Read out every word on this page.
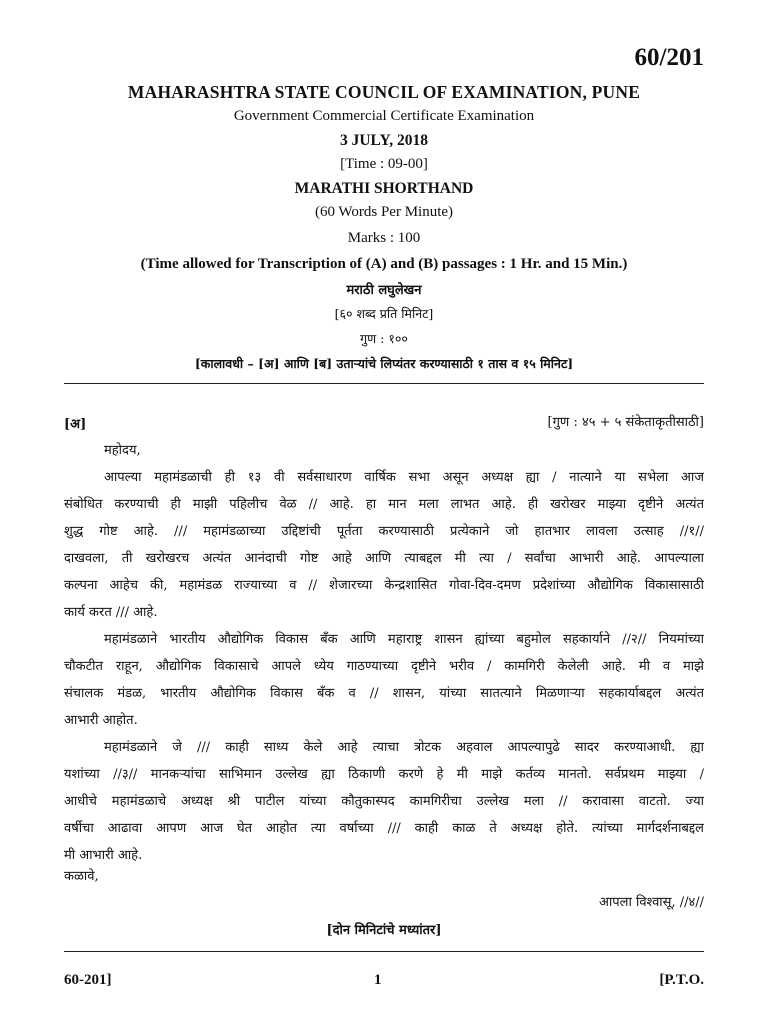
60/201
MAHARASHTRA STATE COUNCIL OF EXAMINATION, PUNE
Government Commercial Certificate Examination
3 JULY, 2018
[Time : 09-00]
MARATHI SHORTHAND
(60 Words Per Minute)
Marks : 100
(Time allowed for Transcription of (A) and (B) passages : 1 Hr. and 15 Min.)
मराठी लघुलेखन
[६० शब्द प्रति मिनिट]
गुण : १००
[कालावधी – [अ] आणि [ब] उताऱ्यांचे लिप्यंतर करण्यासाठी १ तास व १५ मिनिट]
[अ]	[गुण : ४५ + ५ संकेताकृतीसाठी]
महोदय,
आपल्या महामंडळाची ही १३ वी सर्वसाधारण वार्षिक सभा असून अध्यक्ष ह्या / नात्याने या सभेला आज
संबोधित करण्याची ही माझी पहिलीच वेळ // आहे. हा मान मला लाभत आहे. ही खरोखर माझ्या दृष्टीने अत्यंत
शुद्ध गोष्ट आहे. /// महामंडळाच्या उद्दिष्टांची पूर्तता करण्यासाठी प्रत्येकाने जो हातभार लावला उत्साह //१//
दाखवला, ती खरोखरच अत्यंत आनंदाची गोष्ट आहे आणि त्याबद्दल मी त्या / सर्वांचा आभारी आहे. आपल्याला
कल्पना आहेच की, महामंडळ राज्याच्या व // शेजारच्या केन्द्रशासित गोवा-दिव-दमण प्रदेशांच्या औद्योगिक विकासासाठी
कार्य करत /// आहे.
महामंडळाने भारतीय औद्योगिक विकास बँक आणि महाराष्ट्र शासन ह्यांच्या बहुमोल सहकार्याने //२// नियमांच्या
चौकटीत राहून, औद्योगिक विकासाचे आपले ध्येय गाठण्याच्या दृष्टीने भरीव / कामगिरी केलेली आहे. मी व माझे
संचालक मंडळ, भारतीय औद्योगिक विकास बँक व // शासन, यांच्या सातत्याने मिळणाऱ्या सहकार्याबद्दल अत्यंत
आभारी आहोत.
महामंडळाने जे /// काही साध्य केले आहे त्याचा त्रोटक अहवाल आपल्यापुढे सादर करण्याआधी. ह्या
यशांच्या //३// मानकऱ्यांचा साभिमान उल्लेख ह्या ठिकाणी करणे हे मी माझे कर्तव्य मानतो. सर्वप्रथम माझ्या /
आधीचे महामंडळाचे अध्यक्ष श्री पाटील यांच्या कौतुकास्पद कामगिरीचा उल्लेख मला // करावासा वाटतो. ज्या
वर्षीचा आढावा आपण आज घेत आहोत त्या वर्षाच्या /// काही काळ ते अध्यक्ष होते. त्यांच्या मार्गदर्शनाबद्दल
मी आभारी आहे.
कळावे,
आपला विश्वासू, //४//
[दोन मिनिटांचे मध्यांतर]
60-201]	1	[P.T.O.
